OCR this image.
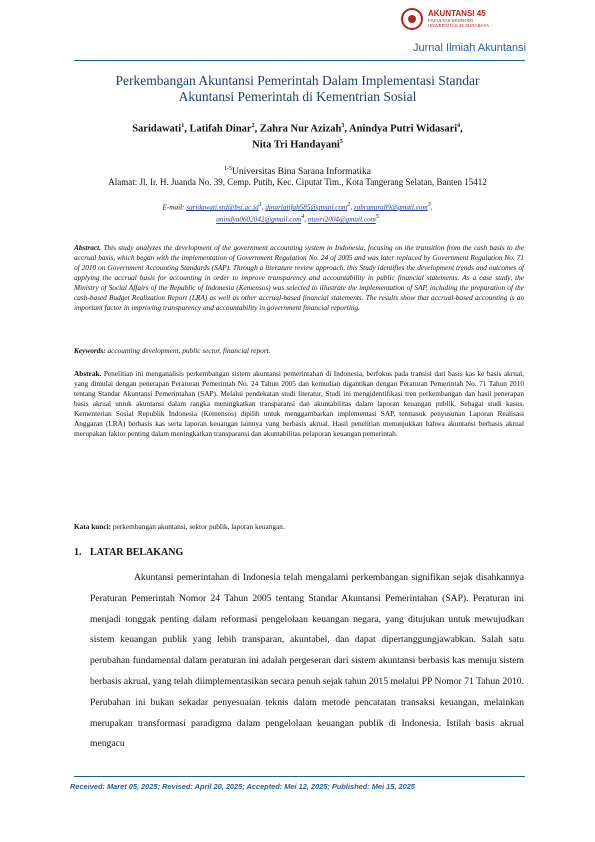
AKUNTANSI 45
FAKULTAS EKONOMI
UNIVERSITAS 45 SURABAYA
Jurnal Ilmiah Akuntansi
Perkembangan Akuntansi Pemerintah Dalam Implementasi Standar
Akuntansi Pemerintah di Kementrian Sosial
Saridawati$^1$, Latifah Dinar$^2$, Zahra Nur Azizah$^3$, Anindya Putri Widasari$^4$,
Nita Tri Handayani$^5$
$^{1-5}$Universitas Bina Sarana Informatika
Alamat: Jl. Ir. H. Juanda No. 39, Cemp. Putih, Kec. Ciputat Tim., Kota Tangerang Selatan, Banten 15412
E-mail: $saridawati.srd@bsi.ac.id^1$, dinarlatifah585@gmail.com$^2$, zahranura89@gmail.com$^3$,
anindya0602042@gmail.com$^4$, ntasri2004@gmail.com$^5$
Abstract. This study analyzes the development of the government accounting system in Indonesia, focusing on the transition from the cash basis to the accrual basis, which began with the implementation of Government Regulation No. 24 of 2005 and was later replaced by Government Regulation No. 71 of 2010 on Government Accounting Standards (SAP). Through a literature review approach, this Study identifies the development trends and outcomes of applying the accrual basis for accounting in order to improve transparency and accountability in public financial statements. As a case study, the Ministry of Social Affairs of the Republic of Indonesia (Kemensos) was selected to illustrate the implementation of SAP, including the preparation of the cash-based Budget Realization Report (LRA) as well as other accrual-based financial statements. The results show that accrual-based accounting is an important factor in improving transparency and accountability in government financial reporting.
Keywords: accounting development, public sector, financial report.
Abstrak. Penelitian ini menganalisis perkembangan sistem akuntansi pemerintahan di Indonesia, berfokus pada transisi dari basis kas ke basis akrual, yang dimulai dengan penerapan Peraturan Pemerintah No. 24 Tahun 2005 dan kemudian digantikan dengan Peraturan Pemerintah No. 71 Tahun 2010 tentang Standar Akuntansi Pemerintahan (SAP). Melalui pendekatan studi literatur, Studi ini mengidentifikasi tren perkembangan dan hasil penerapan basis akrual untuk akuntansi dalam rangka meningkatkan transparansi dan akuntabilitas dalam laporan keuangan publik. Sebagai studi kasus, Kementerian Sosial Republik Indonesia (Kemensos) dipilih untuk menggambarkan implementasi SAP, termasuk penyusunan Laporan Realisasi Anggaran (LRA) berbasis kas serta laporan keuangan lainnya yang berbasis akrual. Hasil penelitian menunjukkan bahwa akuntansi berbasis akrual merupakan faktor penting dalam meningkatkan transparansi dan akuntabilitas pelaporan keuangan pemerintah.
Kata kunci: perkembangan akuntansi, sektor publik, laporan keuangan.
1. LATAR BELAKANG
Akuntansi pemerintahan di Indonesia telah mengalami perkembangan signifikan sejak disahkannya Peraturan Pemerintah Nomor 24 Tahun 2005 tentang Standar Akuntansi Pemerintahan (SAP). Peraturan ini menjadi tonggak penting dalam reformasi pengelolaan keuangan negara, yang ditujukan untuk mewujudkan sistem keuangan publik yang lebih transparan, akuntabel, dan dapat dipertanggungjawabkan. Salah satu perubahan fundamental dalam peraturan ini adalah pergeseran dari sistem akuntansi berbasis kas menuju sistem berbasis akrual, yang telah diimplementasikan secara penuh sejak tahun 2015 melalui PP Nomor 71 Tahun 2010. Perubahan ini bukan sekadar penyesuaian teknis dalam metode pencatatan transaksi keuangan, melainkan merupakan transformasi paradigma dalam pengelolaan keuangan publik di Indonesia. Istilah basis akrual mengacu
Received: Maret 05, 2025; Revised: April 20, 2025; Accepted: Mei 12, 2025; Published: Mei 15, 2025
